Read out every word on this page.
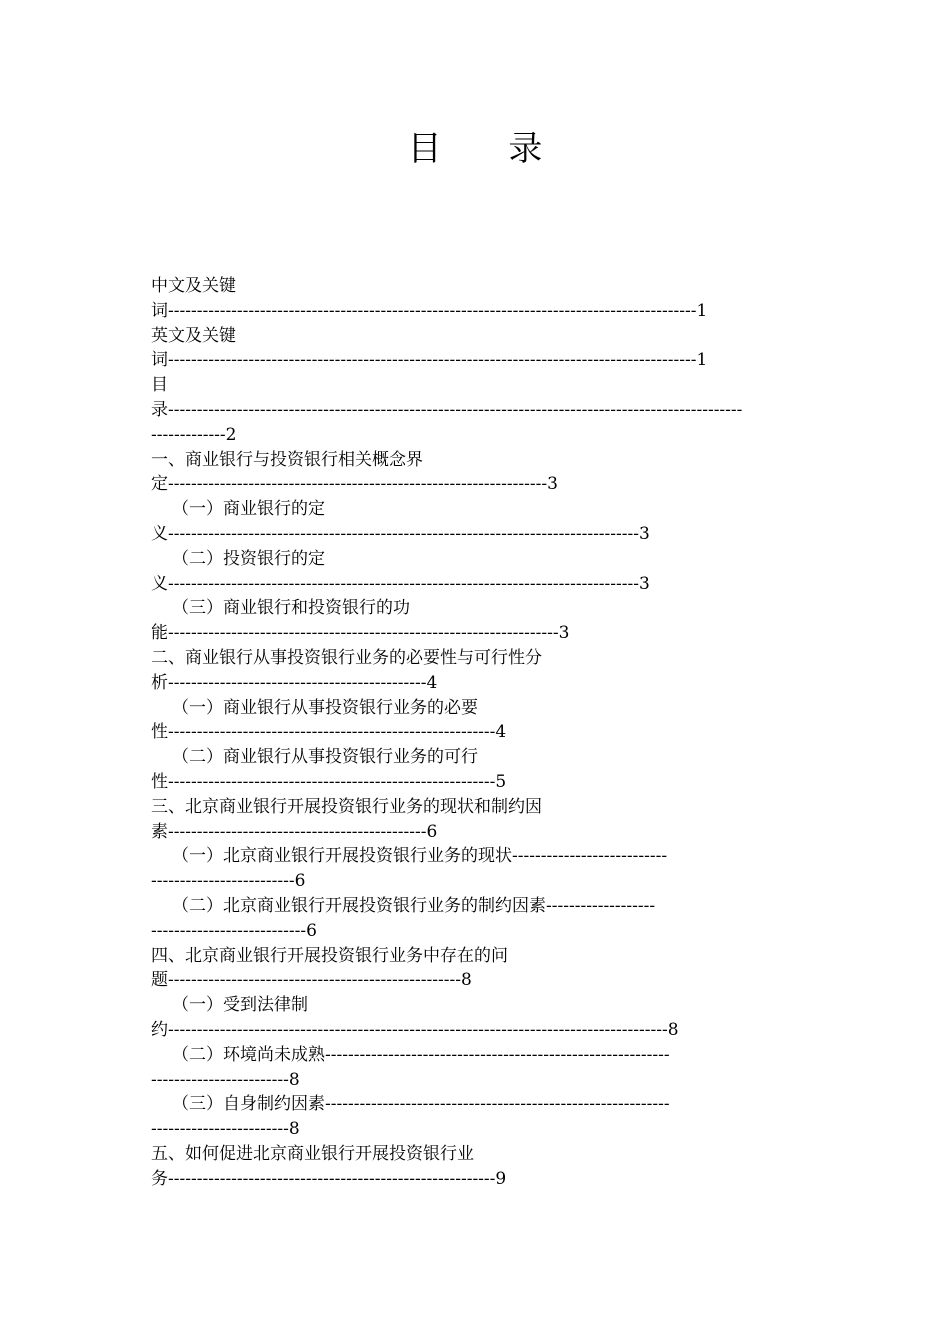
目 录
中文及关键
词--------------------------------------------------------------------------------------------1
英文及关键
词--------------------------------------------------------------------------------------------1
目
录----------------------------------------------------------------------------------------------------
-------------2
一、商业银行与投资银行相关概念界
定------------------------------------------------------------------3
（一）商业银行的定
义----------------------------------------------------------------------------------3
（二）投资银行的定
义----------------------------------------------------------------------------------3
（三）商业银行和投资银行的功
能--------------------------------------------------------------------3
二、商业银行从事投资银行业务的必要性与可行性分
析---------------------------------------------4
（一）商业银行从事投资银行业务的必要
性---------------------------------------------------------4
（二）商业银行从事投资银行业务的可行
性---------------------------------------------------------5
三、北京商业银行开展投资银行业务的现状和制约因
素---------------------------------------------6
（一）北京商业银行开展投资银行业务的现状---------------------------
-------------------------6
（二）北京商业银行开展投资银行业务的制约因素-------------------
---------------------------6
四、北京商业银行开展投资银行业务中存在的问
题---------------------------------------------------8
（一）受到法律制
约---------------------------------------------------------------------------------------8
（二）环境尚未成熟------------------------------------------------------------
------------------------8
（三）自身制约因素------------------------------------------------------------
------------------------8
五、如何促进北京商业银行开展投资银行业
务---------------------------------------------------------9
